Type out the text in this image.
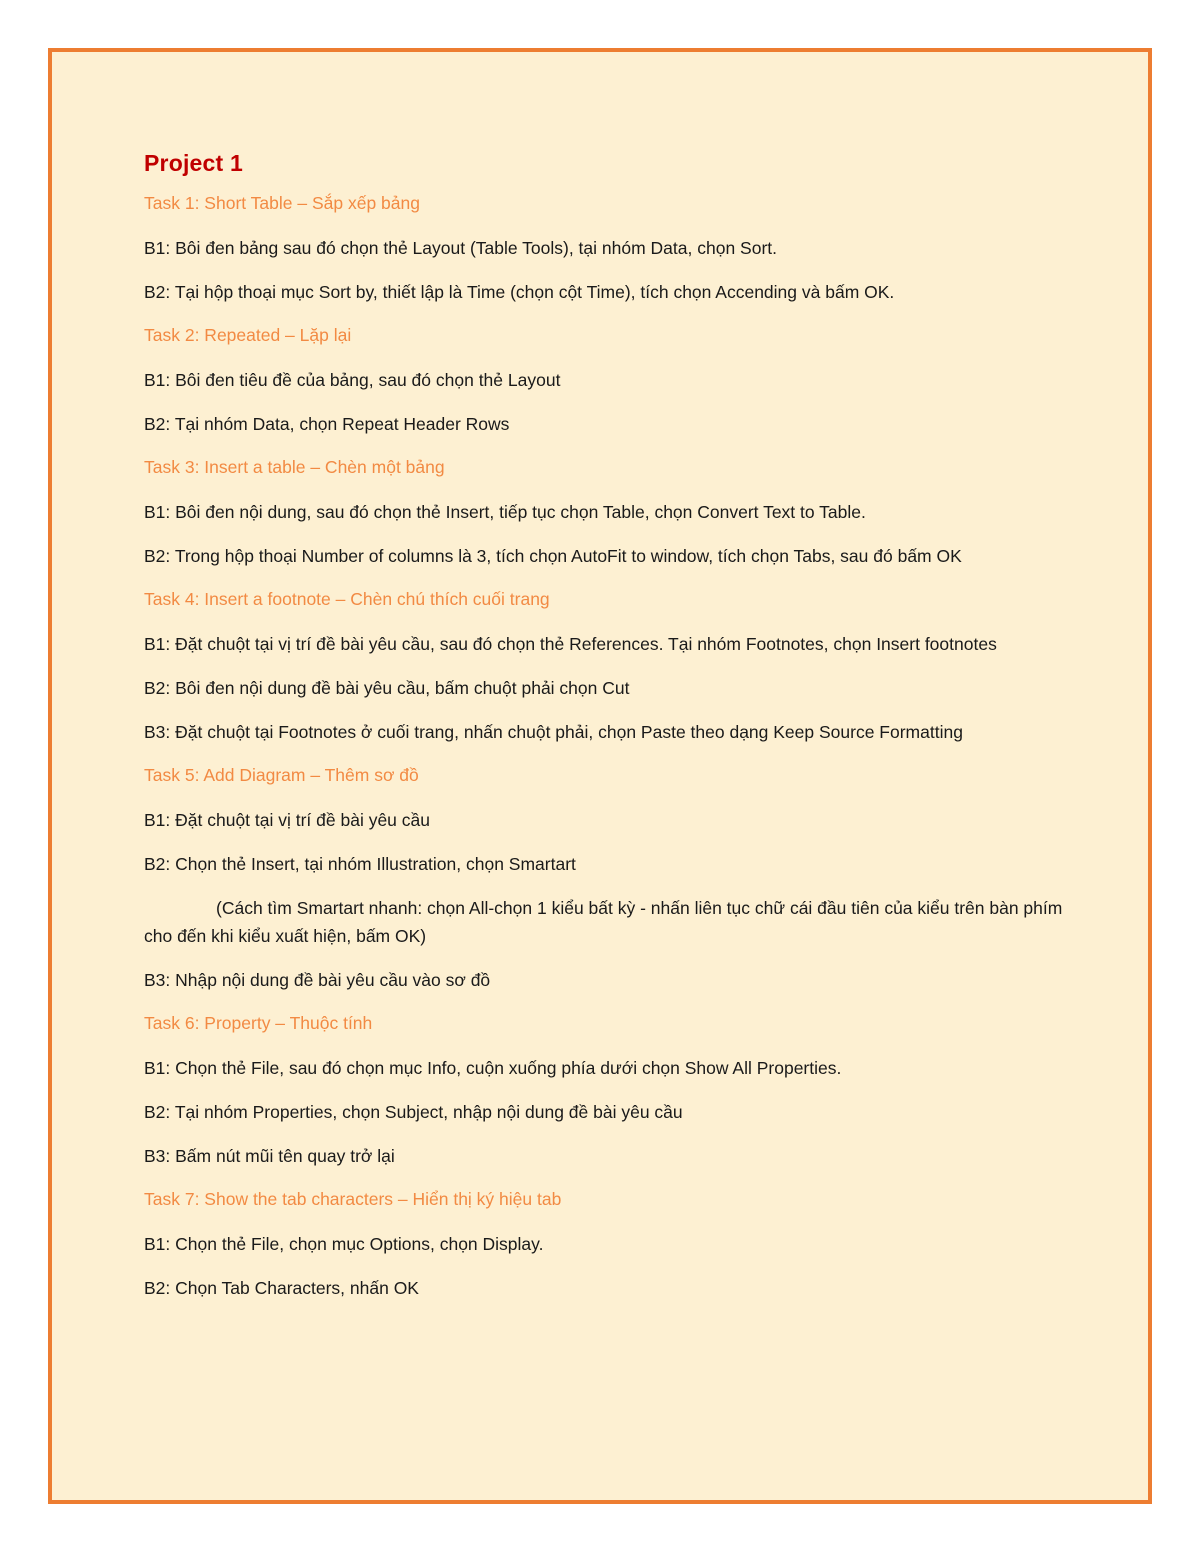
Project 1

Task 1: Short Table – Sắp xếp bảng

B1: Bôi đen bảng sau đó chọn thẻ Layout (Table Tools), tại nhóm Data, chọn Sort.

B2: Tại hộp thoại mục Sort by, thiết lập là Time (chọn cột Time), tích chọn Accending và bấm OK.

Task 2: Repeated – Lặp lại

B1: Bôi đen tiêu đề của bảng, sau đó chọn thẻ Layout

B2: Tại nhóm Data, chọn Repeat Header Rows

Task 3: Insert a table – Chèn một bảng

B1: Bôi đen nội dung, sau đó chọn thẻ Insert, tiếp tục chọn Table, chọn Convert Text to Table.

B2: Trong hộp thoại Number of columns là 3, tích chọn AutoFit to window, tích chọn Tabs, sau đó bấm OK

Task 4: Insert a footnote – Chèn chú thích cuối trang

B1: Đặt chuột tại vị trí đề bài yêu cầu, sau đó chọn thẻ References. Tại nhóm Footnotes, chọn Insert footnotes

B2: Bôi đen nội dung đề bài yêu cầu, bấm chuột phải chọn Cut

B3: Đặt chuột tại Footnotes ở cuối trang, nhấn chuột phải, chọn Paste theo dạng Keep Source Formatting

Task 5: Add Diagram – Thêm sơ đồ

B1: Đặt chuột tại vị trí đề bài yêu cầu

B2: Chọn thẻ Insert, tại nhóm Illustration, chọn Smartart

(Cách tìm Smartart nhanh: chọn All-chọn 1 kiểu bất kỳ - nhấn liên tục chữ cái đầu tiên của kiểu trên bàn phím cho đến khi kiểu xuất hiện, bấm OK)

B3: Nhập nội dung đề bài yêu cầu vào sơ đồ

Task 6: Property – Thuộc tính

B1: Chọn thẻ File, sau đó chọn mục Info, cuộn xuống phía dưới chọn Show All Properties.

B2: Tại nhóm Properties, chọn Subject, nhập nội dung đề bài yêu cầu

B3: Bấm nút mũi tên quay trở lại

Task 7: Show the tab characters – Hiển thị ký hiệu tab

B1: Chọn thẻ File, chọn mục Options, chọn Display.

B2: Chọn Tab Characters, nhấn OK
